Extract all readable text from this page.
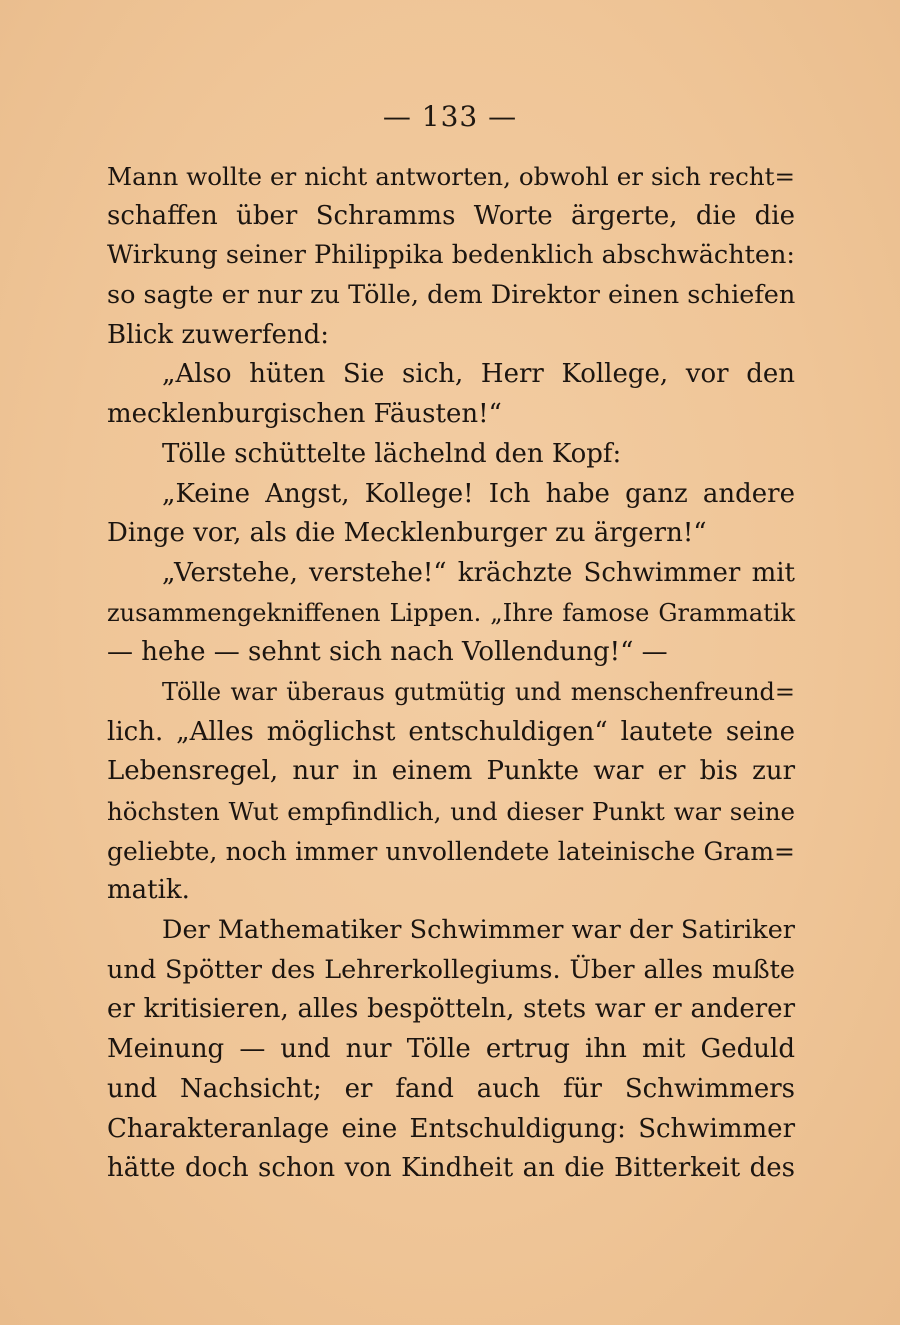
— 133 —
Mann wollte er nicht antworten, obwohl er sich recht=
schaffen über Schramms Worte ärgerte, die die
Wirkung seiner Philippika bedenklich abschwächten:
so sagte er nur zu Tölle, dem Direktor einen schiefen
Blick zuwerfend:
„Also hüten Sie sich, Herr Kollege, vor den
mecklenburgischen Fäusten!“
Tölle schüttelte lächelnd den Kopf:
„Keine Angst, Kollege! Ich habe ganz andere
Dinge vor, als die Mecklenburger zu ärgern!“
„Verstehe, verstehe!“ krächzte Schwimmer mit
zusammengekniffenen Lippen. „Ihre famose Grammatik
— hehe — sehnt sich nach Vollendung!“ —
Tölle war überaus gutmütig und menschenfreund=
lich. „Alles möglichst entschuldigen“ lautete seine
Lebensregel, nur in einem Punkte war er bis zur
höchsten Wut empfindlich, und dieser Punkt war seine
geliebte, noch immer unvollendete lateinische Gram=
matik.
Der Mathematiker Schwimmer war der Satiriker
und Spötter des Lehrerkollegiums. Über alles mußte
er kritisieren, alles bespötteln, stets war er anderer
Meinung — und nur Tölle ertrug ihn mit Geduld
und Nachsicht; er fand auch für Schwimmers
Charakteranlage eine Entschuldigung: Schwimmer
hätte doch schon von Kindheit an die Bitterkeit des
